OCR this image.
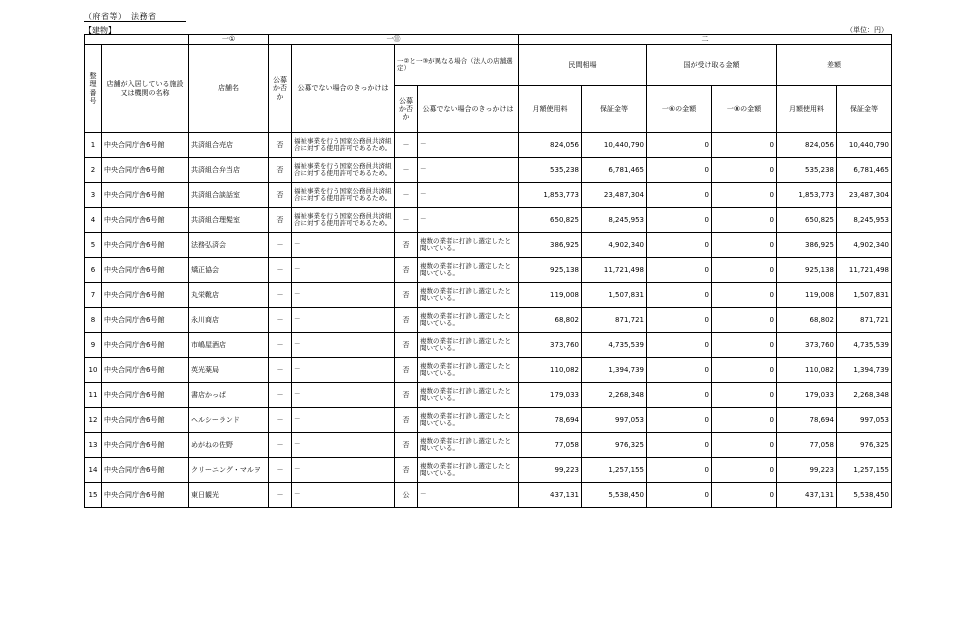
（府省等）　法務省
【建物】	（単位：円）
		一①	一⑪				二					
整理番号	店舗が入居している施設又は機関の名称	店舗名	公募か否か	公募でない場合のきっかけは	一②と一③が異なる場合（法人の店舗選定）		民間相場		国が受け取る金額		差額	
					公募か否か	公募でない場合のきっかけは	月額使用料	保証金等	一⑥の金額	一⑧の金額	月額使用料	保証金等
1	中央合同庁舎6号館	共済組合売店	否	福祉事業を行う国家公務員共済組合に対する使用許可であるため。	－	－	824,056	10,440,790	0	0	824,056	10,440,790
2	中央合同庁舎6号館	共済組合弁当店	否	福祉事業を行う国家公務員共済組合に対する使用許可であるため。	－	－	535,238	6,781,465	0	0	535,238	6,781,465
3	中央合同庁舎6号館	共済組合談話室	否	福祉事業を行う国家公務員共済組合に対する使用許可であるため。	－	－	1,853,773	23,487,304	0	0	1,853,773	23,487,304
4	中央合同庁舎6号館	共済組合理髪室	否	福祉事業を行う国家公務員共済組合に対する使用許可であるため。	－	－	650,825	8,245,953	0	0	650,825	8,245,953
5	中央合同庁舎6号館	法務弘済会	－	－	否	複数の業者に打診し選定したと聞いている。	386,925	4,902,340	0	0	386,925	4,902,340
6	中央合同庁舎6号館	矯正協会	－	－	否	複数の業者に打診し選定したと聞いている。	925,138	11,721,498	0	0	925,138	11,721,498
7	中央合同庁舎6号館	丸栄靴店	－	－	否	複数の業者に打診し選定したと聞いている。	119,008	1,507,831	0	0	119,008	1,507,831
8	中央合同庁舎6号館	永川商店	－	－	否	複数の業者に打診し選定したと聞いている。	68,802	871,721	0	0	68,802	871,721
9	中央合同庁舎6号館	市嶋屋酒店	－	－	否	複数の業者に打診し選定したと聞いている。	373,760	4,735,539	0	0	373,760	4,735,539
10	中央合同庁舎6号館	英光薬局	－	－	否	複数の業者に打診し選定したと聞いている。	110,082	1,394,739	0	0	110,082	1,394,739
11	中央合同庁舎6号館	書店かっぱ	－	－	否	複数の業者に打診し選定したと聞いている。	179,033	2,268,348	0	0	179,033	2,268,348
12	中央合同庁舎6号館	ヘルシーランド	－	－	否	複数の業者に打診し選定したと聞いている。	78,694	997,053	0	0	78,694	997,053
13	中央合同庁舎6号館	めがねの佐野	－	－	否	複数の業者に打診し選定したと聞いている。	77,058	976,325	0	0	77,058	976,325
14	中央合同庁舎6号館	クリーニング・マルヲ	－	－	否	複数の業者に打診し選定したと聞いている。	99,223	1,257,155	0	0	99,223	1,257,155
15	中央合同庁舎6号館	東日観光	－	－	公	－	437,131	5,538,450	0	0	437,131	5,538,450
